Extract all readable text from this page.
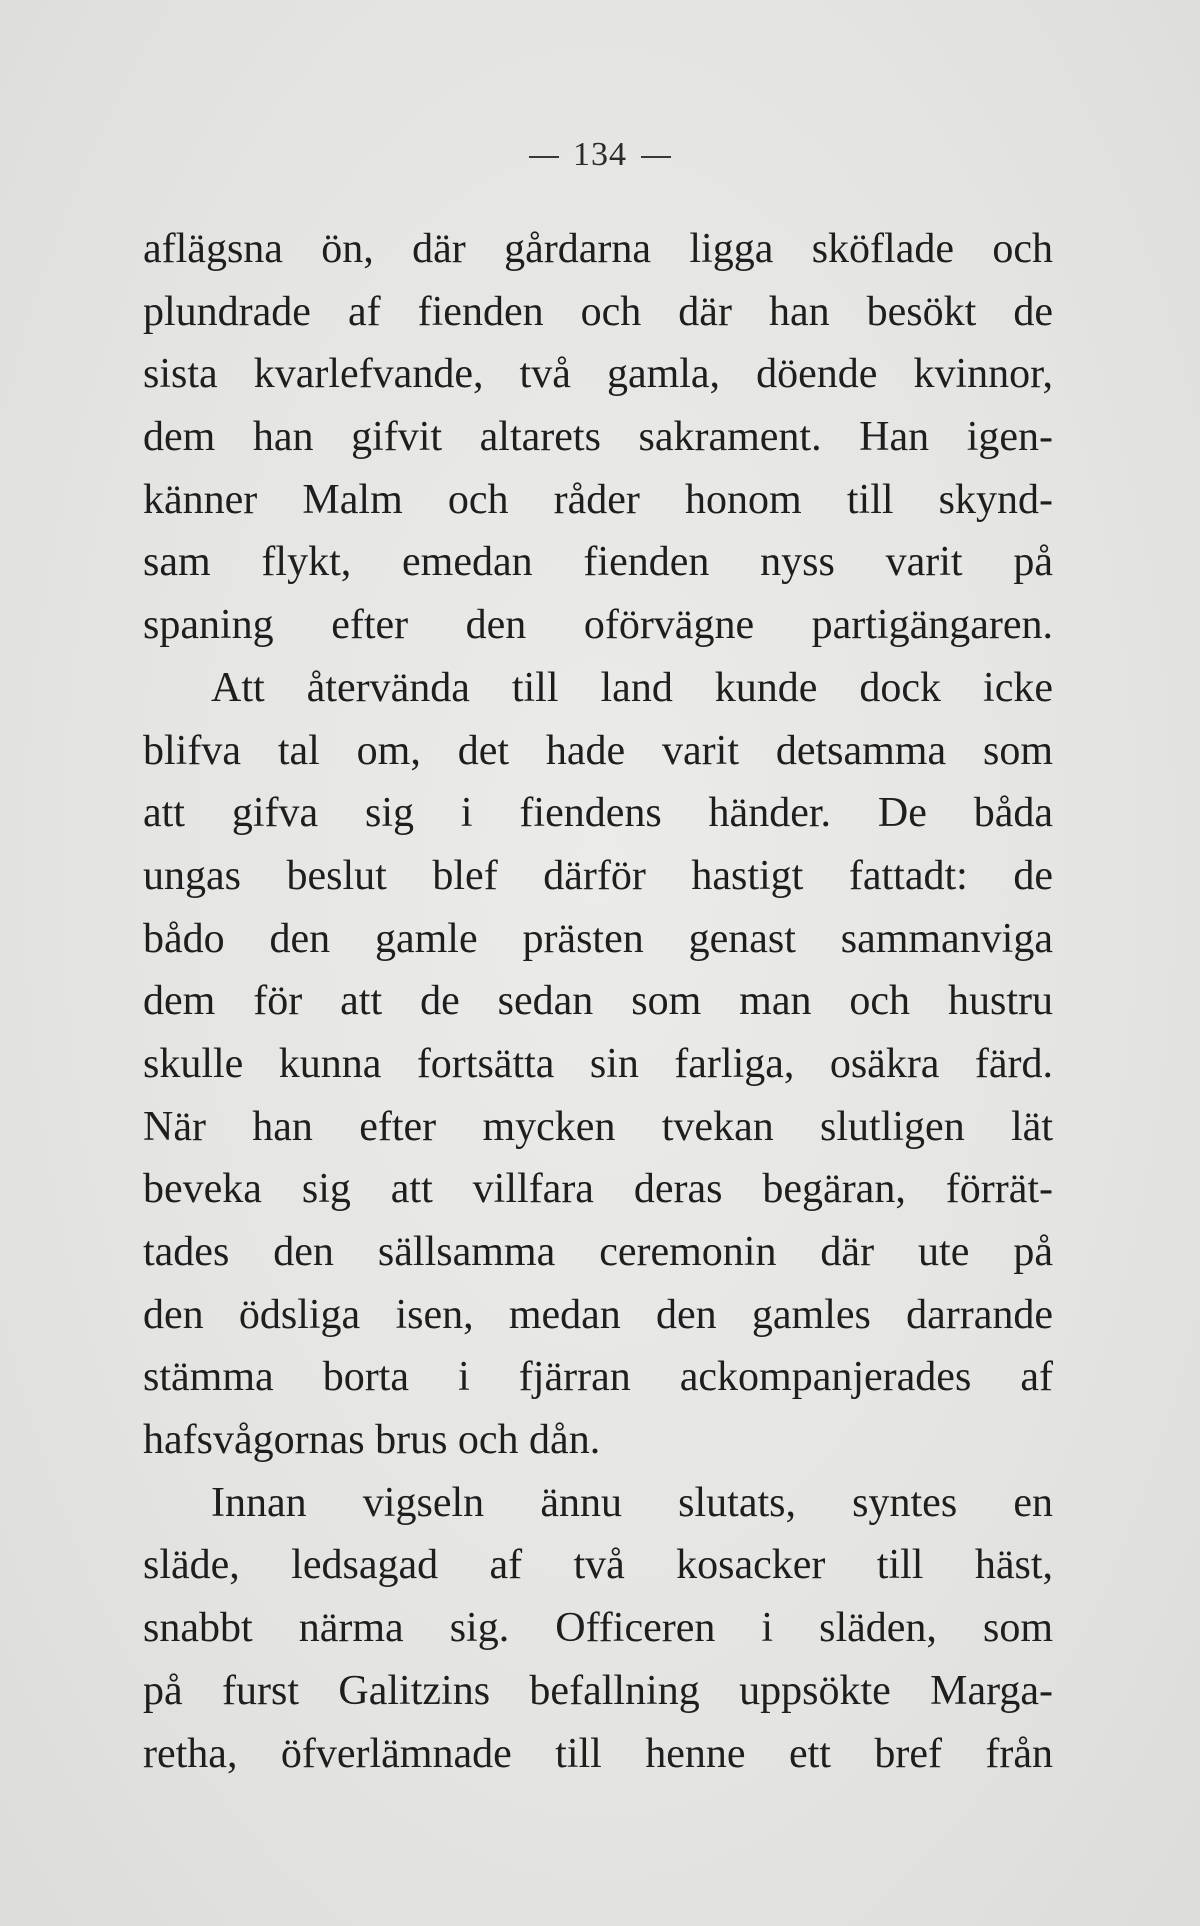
134
aflägsna ön, där gårdarna ligga sköflade och
plundrade af fienden och där han besökt de
sista kvarlefvande, två gamla, döende kvinnor,
dem han gifvit altarets sakrament. Han igen-
känner Malm och råder honom till skynd-
sam flykt, emedan fienden nyss varit på
spaning efter den oförvägne partigängaren.
Att återvända till land kunde dock icke
blifva tal om, det hade varit detsamma som
att gifva sig i fiendens händer. De båda
ungas beslut blef därför hastigt fattadt: de
bådo den gamle prästen genast sammanviga
dem för att de sedan som man och hustru
skulle kunna fortsätta sin farliga, osäkra färd.
När han efter mycken tvekan slutligen lät
beveka sig att villfara deras begäran, förrät-
tades den sällsamma ceremonin där ute på
den ödsliga isen, medan den gamles darrande
stämma borta i fjärran ackompanjerades af
hafsvågornas brus och dån.
Innan vigseln ännu slutats, syntes en
släde, ledsagad af två kosacker till häst,
snabbt närma sig. Officeren i släden, som
på furst Galitzins befallning uppsökte Marga-
retha, öfverlämnade till henne ett bref från
